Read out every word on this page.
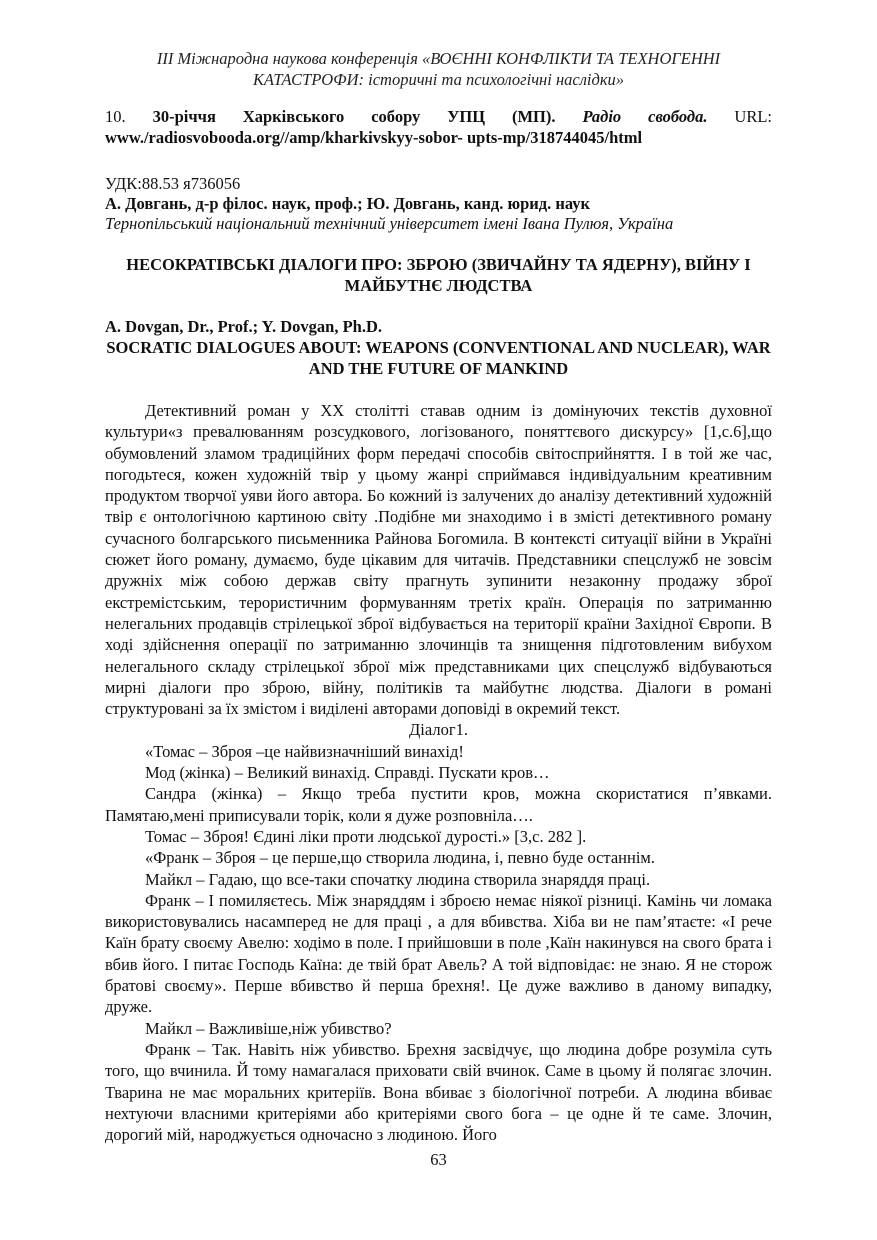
ІІІ Міжнародна наукова конференція «ВОЄННІ КОНФЛІКТИ ТА ТЕХНОГЕННІ
КАТАСТРОФИ: історичні та психологічні наслідки»
10. 30-річчя Харківського собору УПЦ (МП). Радіо свобода. URL: www./radiosvobooda.org//amp/kharkivskyy-sobor- upts-mp/318744045/html
УДК:88.53 я736056
А. Довгань, д-р філос. наук, проф.; Ю. Довгань, канд. юрид. наук
Тернопільський національний технічний університет імені Івана Пулюя, Україна
НЕСОКРАТІВСЬКІ ДІАЛОГИ ПРО: ЗБРОЮ (ЗВИЧАЙНУ ТА ЯДЕРНУ), ВІЙНУ І МАЙБУТНЄ ЛЮДСТВА
A. Dovgan, Dr., Prof.; Y. Dovgan, Ph.D.
SOCRATIC DIALOGUES ABOUT: WEAPONS (CONVENTIONAL AND NUCLEAR), WAR AND THE FUTURE OF MANKIND

Детективний роман у ХХ столітті ставав одним із домінуючих текстів духовної культури«з превалюванням розсудкового, логізованого, поняттєвого дискурсу» [1,с.6],що обумовлений зламом традиційних форм передачі способів світосприйняття. І в той же час, погодьтеся, кожен художній твір у цьому жанрі сприймався індивідуальним креативним продуктом творчої уяви його автора. Бо кожний із залучених до аналізу детективний художній твір є онтологічною картиною світу .Подібне ми знаходимо і в змісті детективного роману сучасного болгарського письменника Райнова Богомила. В контексті ситуації війни в Україні сюжет його роману, думаємо, буде цікавим для читачів. Представники спецслужб не зовсім дружніх між собою держав світу прагнуть зупинити незаконну продажу зброї екстремістським, терористичним формуванням третіх країн. Операція по затриманню нелегальних продавців стрілецької зброї відбувається на території країни Західної Європи. В ході здійснення операції по затриманню злочинців та знищення підготовленим вибухом нелегального складу стрілецької зброї між представниками цих спецслужб відбуваються мирні діалоги про зброю, війну, політиків та майбутнє людства. Діалоги в романі структуровані за їх змістом і виділені авторами доповіді в окремий текст.

Діалог1.

«Томас – Зброя –це найвизначніший винахід!

Мод (жінка) – Великий винахід. Справді. Пускати кров…

Сандра (жінка) – Якщо треба пустити кров, можна скористатися п’явками. Памятаю,мені приписували торік, коли я дуже розповніла….

Томас – Зброя! Єдині ліки проти людської дурості.» [3,с. 282 ].

«Франк – Зброя – це перше,що створила людина, і, певно буде останнім.

Майкл – Гадаю, що все-таки спочатку людина створила знаряддя праці.

Франк – І помиляєтесь. Між знаряддям і зброєю немає ніякої різниці. Камінь чи ломака використовувались насамперед не для праці , а для вбивства. Хіба ви не пам’ятаєте: «І рече Каїн брату своєму Авелю: ходімо в поле. І прийшовши в поле ,Каїн накинувся на свого брата і вбив його. І питає Господь Каїна: де твій брат Авель? А той відповідає: не знаю. Я не сторож братові своєму». Перше вбивство й перша брехня!. Це дуже важливо в даному випадку, друже.

Майкл – Важливіше,ніж убивство?

Франк – Так. Навіть ніж убивство. Брехня засвідчує, що людина добре розуміла суть того, що вчинила. Й тому намагалася приховати свій вчинок. Саме в цьому й полягає злочин. Тварина не має моральних критеріїв. Вона вбиває з біологічної потреби. А людина вбиває нехтуючи власними критеріями або критеріями свого бога – це одне й те саме. Злочин, дорогий мій, народжується одночасно з людиною. Його

63
